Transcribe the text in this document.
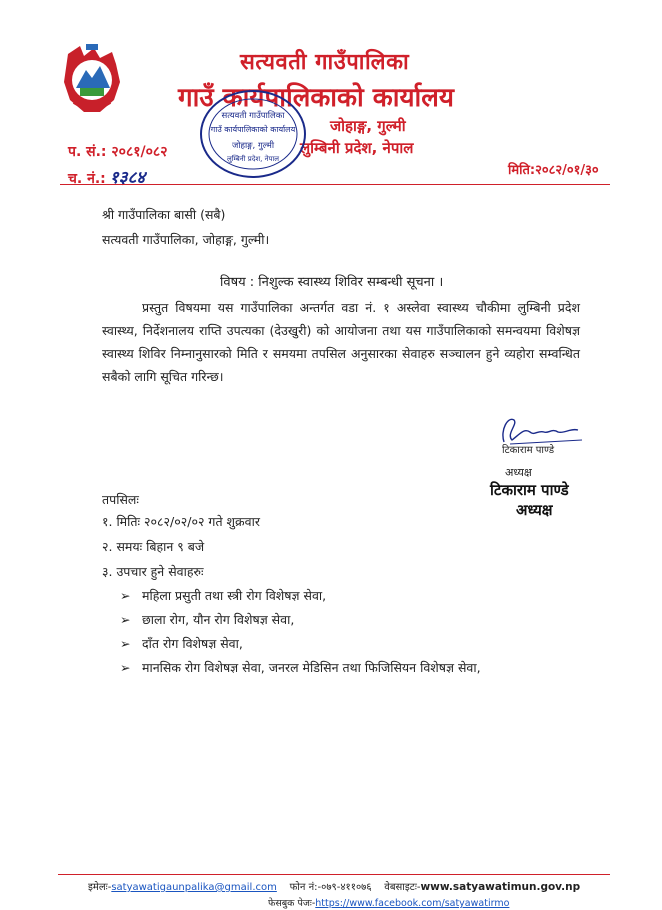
सत्यवती गाउँपालिका
गाउँ कार्यपालिकाको कार्यालय
जोहाङ्ग, गुल्मी
लुम्बिनी प्रदेश, नेपाल
प. सं.: २०८१/०८२
च. नं.: १३८४	मिति:२०८२/०१/३०
सत्यवती गाउँपालिका
गाउँ कार्यपालिकाको कार्यालय
जोहाङ्ग, गुल्मी
लुम्बिनी प्रदेश, नेपाल
श्री गाउँपालिका बासी (सबै)
सत्यवती गाउँपालिका, जोहाङ्ग, गुल्मी।
विषय : निशुल्क स्वास्थ्य शिविर सम्बन्धी सूचना ।
प्रस्तुत विषयमा यस गाउँपालिका अन्तर्गत वडा नं. १ अस्लेवा स्वास्थ्य चौकीमा लुम्बिनी प्रदेश स्वास्थ्य, निर्देशनालय राप्ति उपत्यका (देउखुरी) को आयोजना तथा यस गाउँपालिकाको समन्वयमा विशेषज्ञ स्वास्थ्य शिविर निम्नानुसारको मिति र समयमा तपसिल अनुसारका सेवाहरु सञ्चालन हुने व्यहोरा सम्वन्धित सबैको लागि सूचित गरिन्छ।
टिकाराम पाण्डे
अध्यक्ष
टिकाराम पाण्डे
अध्यक्ष
तपसिलः
१. मितिः २०८२/०२/०२ गते शुक्रवार
२. समयः बिहान ९ बजे
३. उपचार हुने सेवाहरुः
➢ महिला प्रसुती तथा स्त्री रोग विशेषज्ञ सेवा,
➢ छाला रोग, यौन रोग विशेषज्ञ सेवा,
➢ दाँत रोग विशेषज्ञ सेवा,
➢ मानसिक रोग विशेषज्ञ सेवा, जनरल मेडिसिन तथा फिजिसियन विशेषज्ञ सेवा,
इमेलः-satyawatigaunpalika@gmail.com फोन नं:-०७९-४११०७६ वेबसाइटः-www.satyawatimun.gov.np
फेसबुक पेजः-https://www.facebook.com/satyawatirmo
